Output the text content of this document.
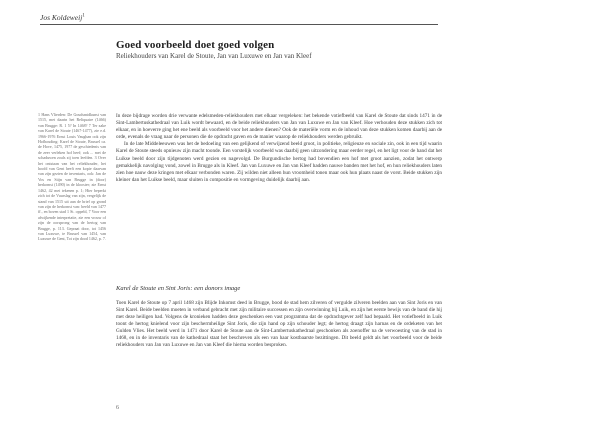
Jos Koldeweij$^1$
Goed voorbeeld doet goed volgen
Reliekhouders van Karel de Stoute, Jan van Luxuwe en Jan van Kleef

1 Hans Vlierden: De Goudsmidkunst van 1515, met daarin het Reliquaire (1466) van Brugge: R. 1 5? In 1468? 7 Ter zake van Karel de Stoute (1467-1477), zie e.d. 1966-1976 Ernst Louis Vaughan ook zijn Hofhouding: Karel de Stoute, Brussel ca. de Hove, 1475, 1977 de geschiedenis van de zeer verleken hof heef; ook ... met de schaduwen zoals zij toen leefden. 3 Over het ontstaan van het reliekhouder, het hoofd van Gent heeft een kopie daarvan van zijn gezien de inventaris, ook: Jan de Vos en Stijn van Brugge in (door) herkomst (1490) in de klooster; zie Ernst 1462, 42 mei tekenen p. 1; Hier beperkt zich tot de Vuurslag van zijn, vergelijk de stand van 1515 uit aan de brief op grond van zijn de herkomst van: beeld van 1477 ff., en boven stad 1 St. oppeld, 7 Voor een afwijkende interpretatie, zie een vrouw of zijn de oorsprong van de hertog van Brugge, p. 113. Gepraat door, tot 1456 van Luxuwe, te Brussel van 1454, van Luxuwe de Gent, Tot zijn dood 1462, p. 7.

In deze bijdrage worden drie verwante edelsmeden-reliekhouders met elkaar vergeleken: het bekende votiefbeeld van Karel de Stoute dat sinds 1471 in de Sint-Lambertuskathedraal van Luik wordt bewaard, en de beide reliekhouders van Jan van Luxuwe en Jan van Kleef. Hoe verhouden deze stukken zich tot elkaar, en in hoeverre ging het ene beeld als voorbeeld voor het andere dienen? Ook de materiële vorm en de inhoud van deze stukken komen daarbij aan de orde, evenals de vraag naar de personen die de opdracht gaven en de manier waarop de reliekhouders werden gebruikt.

In de late Middeleeuwen was het de bedoeling van een gelijkend of verwijzend beeld groot, in politieke, religieuze en sociale zin, ook in een tijd waarin Karel de Stoute steeds opnieuw zijn macht toonde. Een vorstelijk voorbeeld was daarbij geen uitzondering maar eerder regel, en het ligt voor de hand dat het Luikse beeld door zijn tijdgenoten werd gezien en nagevolgd. De Burgundische hertog had bovendien een hof met groot aanzien, zodat het ontwerp gemakkelijk navolging vond, zowel in Brugge als in Kleef. Jan van Luxuwe en Jan van Kleef hadden nauwe banden met het hof, en hun reliekhouders laten zien hoe nauw deze kringen met elkaar verbonden waren. Zij wilden niet alleen hun vroomheid tonen maar ook hun plaats naast de vorst. Beide stukken zijn kleiner dan het Luikse beeld, maar sluiten in compositie en vormgeving duidelijk daarbij aan.

Karel de Stoute en Sint Joris: een donors image

Toen Karel de Stoute op 7 april 1468 zijn Blijde Inkomst deed in Brugge, bood de stad hem zilveren of vergulde zilveren beelden aan van Sint Joris en van Sint Karel. Beide beelden moeten in verband gebracht met zijn militaire successen en zijn overwinning bij Luik, en zijn het eerste bewijs van de band die hij met deze heiligen had. Volgens de kronieken hadden deze geschenken een vast programma dat de opdrachtgever zelf had bepaald. Het votiefbeeld in Luik toont de hertog knielend voor zijn beschermheilige Sint Joris, die zijn hand op zijn schouder legt; de hertog draagt zijn harnas en de ordeketen van het Gulden Vlies. Het beeld werd in 1471 door Karel de Stoute aan de Sint-Lambertuskathedraal geschonken als zoenoffer na de verwoesting van de stad in 1468, en in de inventaris van de kathedraal staat het beschreven als een van haar kostbaarste bezittingen. Dit beeld geldt als het voorbeeld voor de beide reliekhouders van Jan van Luxuwe en Jan van Kleef die hierna worden besproken.

6
